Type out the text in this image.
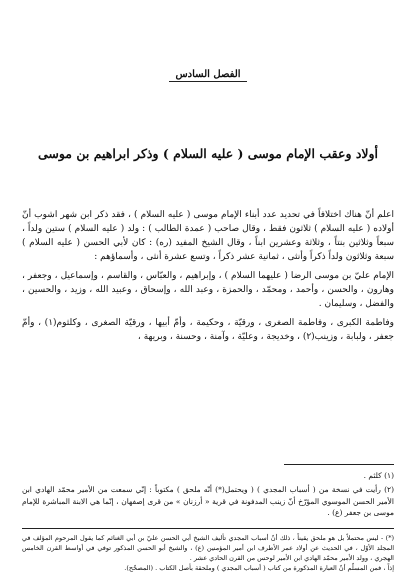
الفصل السادس
أولاد وعقب الإمام موسى ( عليه السلام ) وذكر ابراهيم بن موسى

اعلم أنّ هناك اختلافاً في تحديد عدد أبناء الإمام موسى ( عليه السلام ) ، فقد ذكر ابن شهر اشوب أنّ أولاده ( عليه السلام ) ثلاثون فقط ، وقال صاحب ( عمدة الطالب ) : ولد ( عليه السلام ) ستين ولداً ، سبعاً وثلاثين بنتاً ، وثلاثة وعشرين ابناً ، وقال الشيخ المفيد (ره) : كان لأبي الحسن ( عليه السلام ) سبعة وثلاثون ولداً ذكراً وأنثى ، ثمانية عشر ذكراً ، وتسع عشرة أنثى ، وأسماؤهم :

الإمام عليّ بن موسى الرضا ( عليهما السلام ) ، وإبراهيم ، والعبّاس ، والقاسم ، وإسماعيل ، وجعفر ، وهارون ، والحسن ، وأحمد ، ومحمّد ، والحمزة ، وعبد الله ، وإسحاق ، وعبيد الله ، وزيد ، والحسين ، والفضل ، وسليمان .

وفاطمة الكبرى ، وفاطمة الصغرى ، ورقيّة ، وحكيمة ، وأمّ أبيها ، ورقيّة الصغرى ، وكلثوم(١) ، وأمّ جعفر ، ولبابة ، وزينب(٢) ، وخديجة ، وعليّة ، وآمنة ، وحسنة ، وبريهة ،

(١) كلثم .
(٢) رأيت في نسخة من ( أسباب المجدي ) ( ويحتمل(*) أنّه ملحق ) مكتوباً : إنّي سمعت من الأمير محمّد الهادي ابن الأمير الحسن الموسوي المؤرّخ أنّ زينب المدفونة في قرية « أرزنان » من قرى إصفهان ، إنّما هي الابنة المباشرة للإمام موسى بن جعفر (ع) .

(*) - ليس محتملاً بل هو ملحق يقيناً ، ذلك أنّ أسباب المجدي تأليف الشيخ أبي الحسن عليّ بن أبي الغنائم كما يقول المرحوم المؤلف في المجلد الأوّل ، في الحديث عن أولاد عمر الأطرف ابن أمير المؤمنين (ع) ، والشيخ أبو الحسن المذكور توفي في أواسط القرن الخامس الهجري ، وولد الأمير محمّد الهادي ابن الأمير لوحس من القرن الحادي عشر .

إذاً ، فمن المسلّم أنّ العبارة المذكورة من كتاب ( أسباب المجدي ) وملحقة بأصل الكتاب . (المصحّح).
